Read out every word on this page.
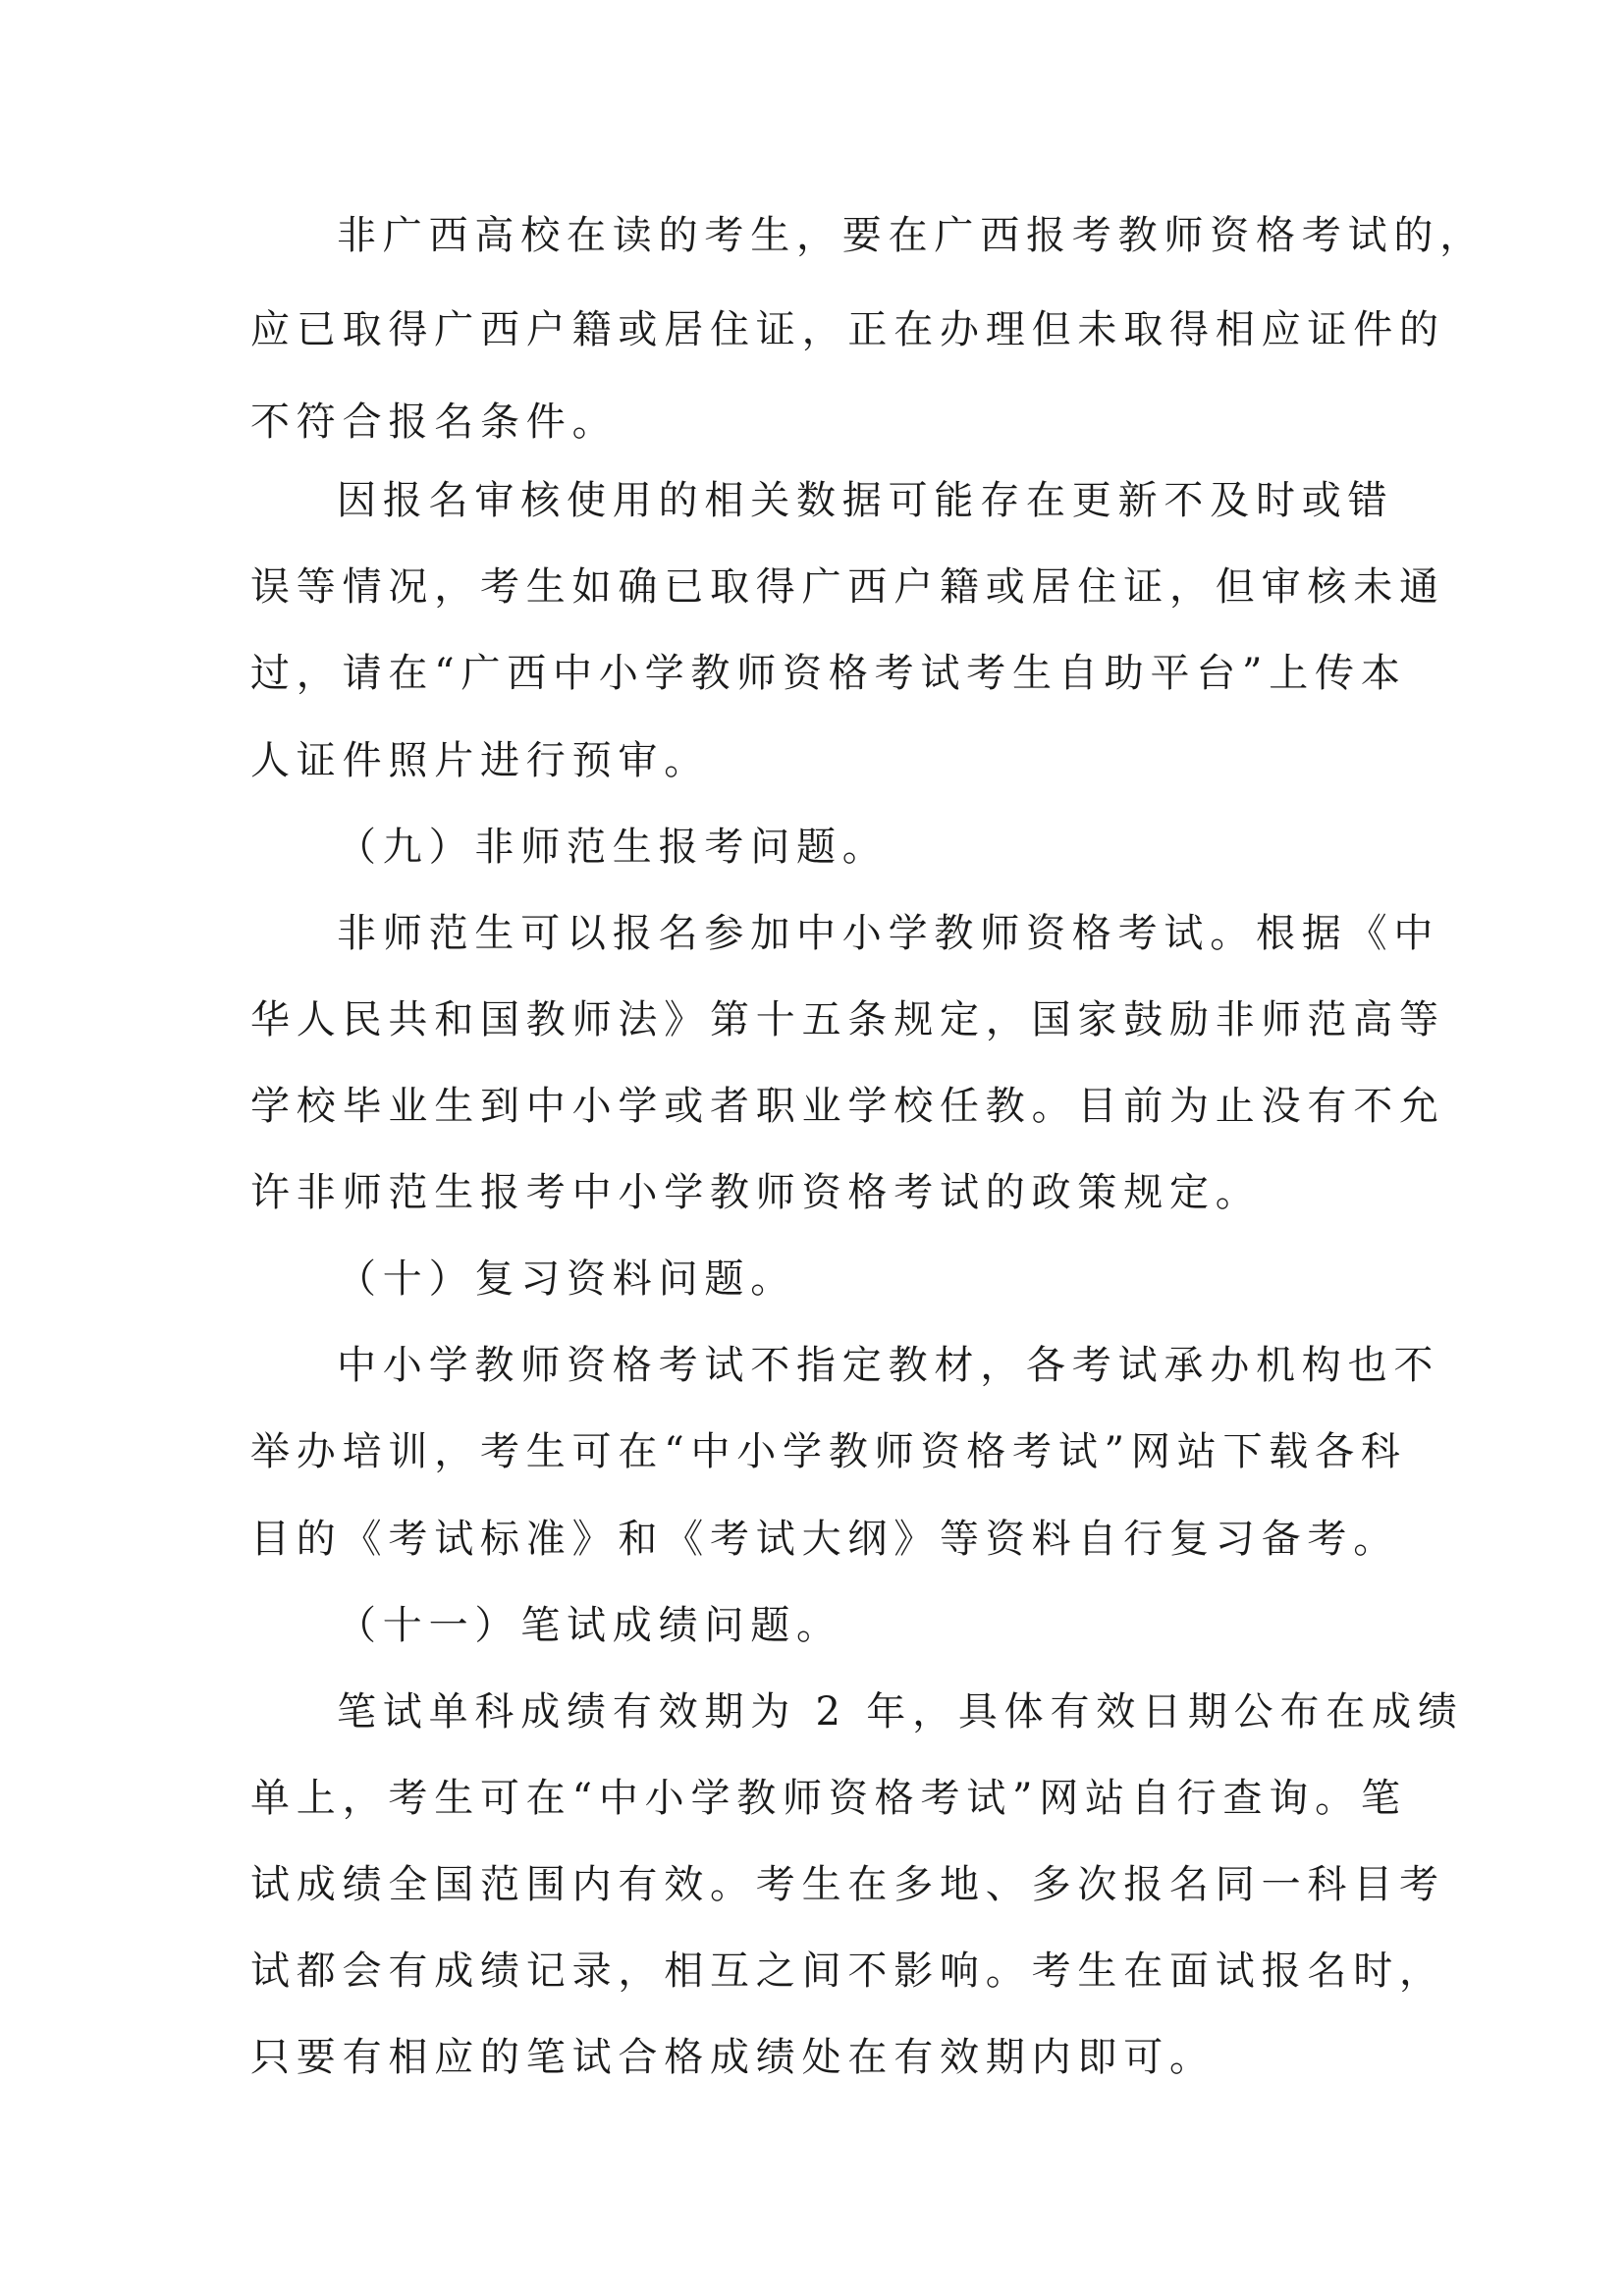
非广西高校在读的考生，要在广西报考教师资格考试的，
应已取得广西户籍或居住证，正在办理但未取得相应证件的
不符合报名条件。
因报名审核使用的相关数据可能存在更新不及时或错
误等情况，考生如确已取得广西户籍或居住证，但审核未通
过，请在“广西中小学教师资格考试考生自助平台”上传本
人证件照片进行预审。
（九）非师范生报考问题。
非师范生可以报名参加中小学教师资格考试。根据《中
华人民共和国教师法》第十五条规定，国家鼓励非师范高等
学校毕业生到中小学或者职业学校任教。目前为止没有不允
许非师范生报考中小学教师资格考试的政策规定。
（十）复习资料问题。
中小学教师资格考试不指定教材，各考试承办机构也不
举办培训，考生可在“中小学教师资格考试”网站下载各科
目的《考试标准》和《考试大纲》等资料自行复习备考。
（十一）笔试成绩问题。
笔试单科成绩有效期为 2 年，具体有效日期公布在成绩
单上，考生可在“中小学教师资格考试”网站自行查询。笔
试成绩全国范围内有效。考生在多地、多次报名同一科目考
试都会有成绩记录，相互之间不影响。考生在面试报名时，
只要有相应的笔试合格成绩处在有效期内即可。
